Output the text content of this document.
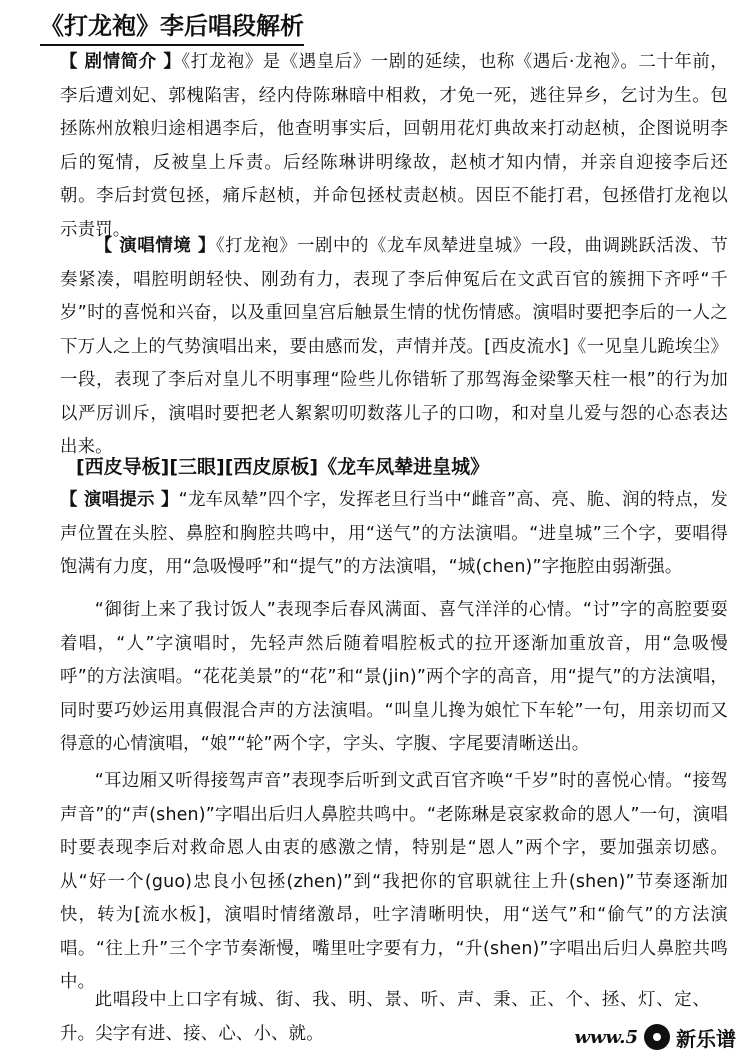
《打龙袍》李后唱段解析

【 剧情简介 】《打龙袍》是《遇皇后》一剧的延续，也称《遇后·龙袍》。二十年前，李后遭刘妃、郭槐陷害，经内侍陈琳暗中相救，才免一死，逃往异乡，乞讨为生。包拯陈州放粮归途相遇李后，他查明事实后，回朝用花灯典故来打动赵桢，企图说明李后的冤情，反被皇上斥责。后经陈琳讲明缘故，赵桢才知内情，并亲自迎接李后还朝。李后封赏包拯，痛斥赵桢，并命包拯杖责赵桢。因臣不能打君，包拯借打龙袍以示责罚。

【 演唱情境 】《打龙袍》一剧中的《龙车凤辇进皇城》一段，曲调跳跃活泼、节奏紧凑，唱腔明朗轻快、刚劲有力，表现了李后伸冤后在文武百官的簇拥下齐呼“千岁”时的喜悦和兴奋，以及重回皇宫后触景生情的忧伤情感。演唱时要把李后的一人之下万人之上的气势演唱出来，要由感而发，声情并茂。[西皮流水]《一见皇儿跪埃尘》一段，表现了李后对皇儿不明事理“险些儿你错斩了那驾海金梁擎天柱一根”的行为加以严厉训斥，演唱时要把老人絮絮叨叨数落儿子的口吻，和对皇儿爱与怨的心态表达出来。

[西皮导板][三眼][西皮原板]《龙车凤辇进皇城》

【 演唱提示 】“龙车凤辇”四个字，发挥老旦行当中“雌音”高、亮、脆、润的特点，发声位置在头腔、鼻腔和胸腔共鸣中，用“送气”的方法演唱。“进皇城”三个字，要唱得饱满有力度，用“急吸慢呼”和“提气”的方法演唱，“城(chen)”字拖腔由弱渐强。

“御街上来了我讨饭人”表现李后春风满面、喜气洋洋的心情。“讨”字的高腔要耍着唱，“人”字演唱时，先轻声然后随着唱腔板式的拉开逐渐加重放音，用“急吸慢呼”的方法演唱。“花花美景”的“花”和“景(jin)”两个字的高音，用“提气”的方法演唱，同时要巧妙运用真假混合声的方法演唱。“叫皇儿搀为娘忙下车轮”一句，用亲切而又得意的心情演唱，“娘”“轮”两个字，字头、字腹、字尾要清晰送出。

“耳边厢又听得接驾声音”表现李后听到文武百官齐唤“千岁”时的喜悦心情。“接驾声音”的“声(shen)”字唱出后归人鼻腔共鸣中。“老陈琳是哀家救命的恩人”一句，演唱时要表现李后对救命恩人由衷的感激之情，特别是“恩人”两个字，要加强亲切感。从“好一个(guo)忠良小包拯(zhen)”到“我把你的官职就往上升(shen)”节奏逐渐加快，转为[流水板]，演唱时情绪激昂，吐字清晰明快，用“送气”和“偷气”的方法演唱。“往上升”三个字节奏渐慢，嘴里吐字要有力，“升(shen)”字唱出后归人鼻腔共鸣中。

此唱段中上口字有城、街、我、明、景、听、声、秉、正、个、拯、灯、定、升。尖字有进、接、心、小、就。	www.5 新乐谱
